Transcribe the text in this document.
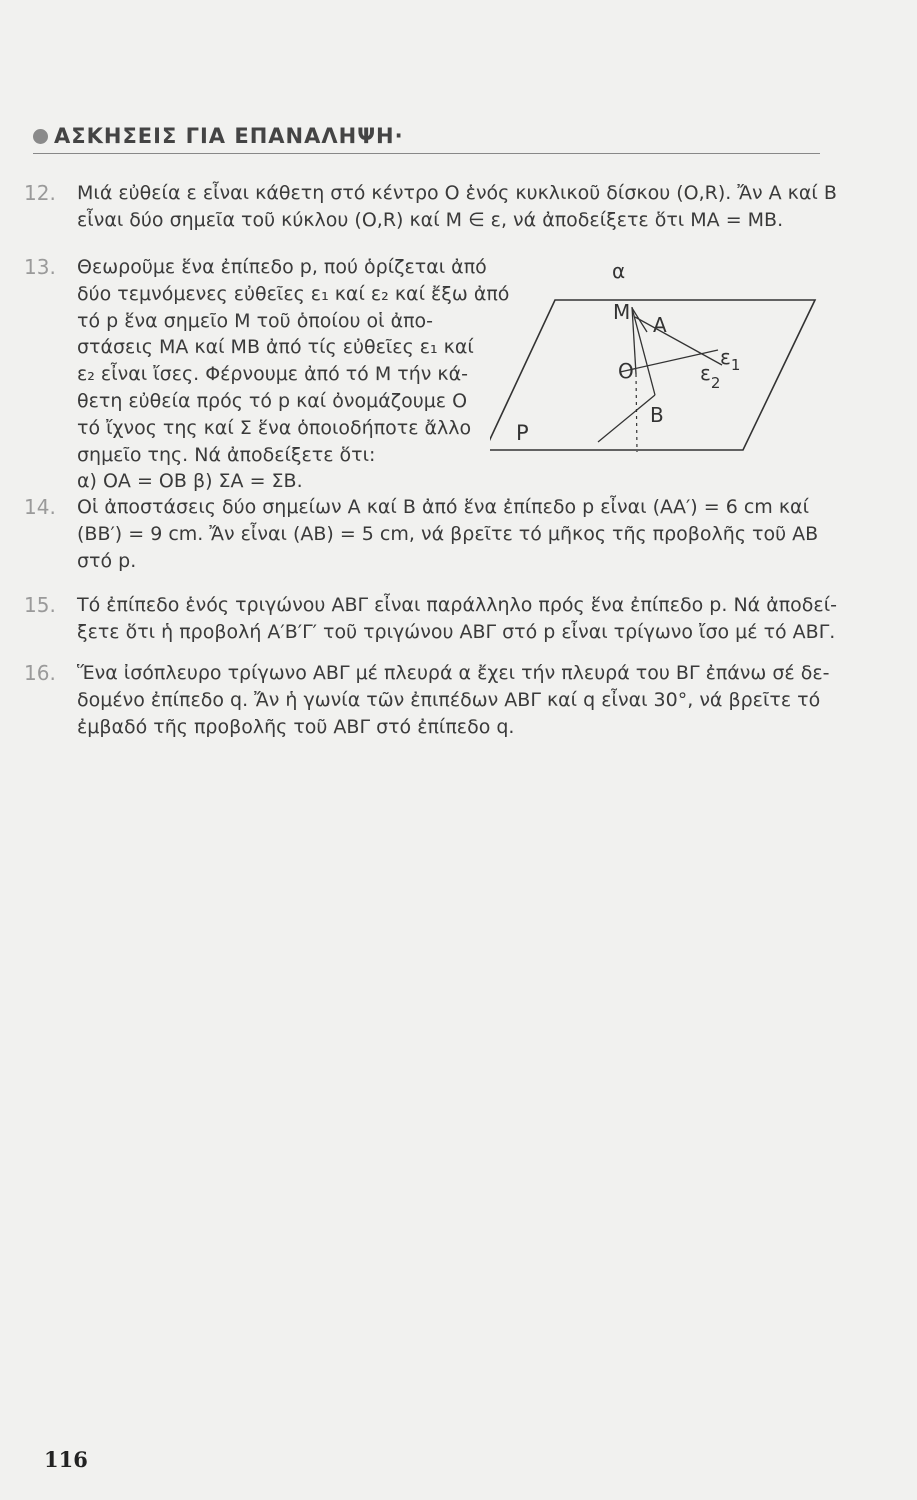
ΑΣΚΗΣΕΙΣ ΓΙΑ ΕΠΑΝΑΛΗΨΗ·
12.	Μιά εὐθεία ε εἶναι κάθετη στό κέντρο Ο ἑνός κυκλικοῦ δίσκου (Ο,R). Ἄν Α καί Β
εἶναι δύο σημεῖα τοῦ κύκλου (Ο,R) καί Μ ∈ ε, νά ἀποδείξετε ὅτι ΜΑ = ΜΒ.
13.	Θεωροῦμε ἕνα ἐπίπεδο p, πού ὁρίζεται ἀπό
δύο τεμνόμενες εὐθεῖες ε₁ καί ε₂ καί ἔξω ἀπό
τό p ἕνα σημεῖο Μ τοῦ ὁποίου οἱ ἀπο-
στάσεις ΜΑ καί ΜΒ ἀπό τίς εὐθεῖες ε₁ καί
ε₂ εἶναι ἴσες. Φέρνουμε ἀπό τό Μ τήν κά-
θετη εὐθεία πρός τό p καί ὀνομάζουμε Ο
τό ἴχνος της καί Σ ἕνα ὁποιοδήποτε ἄλλο
σημεῖο της. Νά ἀποδείξετε ὅτι:
α) ΟΑ = ΟΒ β) ΣΑ = ΣΒ.
α
Μ
Α
Ο
$\varepsilon_1$
$\varepsilon_2$
Β
P
14.	Οἱ ἀποστάσεις δύο σημείων Α καί Β ἀπό ἕνα ἐπίπεδο p εἶναι (ΑΑ′) = 6 cm καί
(ΒΒ′) = 9 cm. Ἄν εἶναι (ΑΒ) = 5 cm, νά βρεῖτε τό μῆκος τῆς προβολῆς τοῦ ΑΒ
στό p.
15.	Τό ἐπίπεδο ἑνός τριγώνου ΑΒΓ εἶναι παράλληλο πρός ἕνα ἐπίπεδο p. Νά ἀποδεί-
ξετε ὅτι ἡ προβολή Α′Β′Γ′ τοῦ τριγώνου ΑΒΓ στό p εἶναι τρίγωνο ἴσο μέ τό ΑΒΓ.
16.	Ἕνα ἰσόπλευρο τρίγωνο ΑΒΓ μέ πλευρά α ἔχει τήν πλευρά του ΒΓ ἐπάνω σέ δε-
δομένο ἐπίπεδο q. Ἄν ἡ γωνία τῶν ἐπιπέδων ΑΒΓ καί q εἶναι 30°, νά βρεῖτε τό
ἐμβαδό τῆς προβολῆς τοῦ ΑΒΓ στό ἐπίπεδο q.
116
